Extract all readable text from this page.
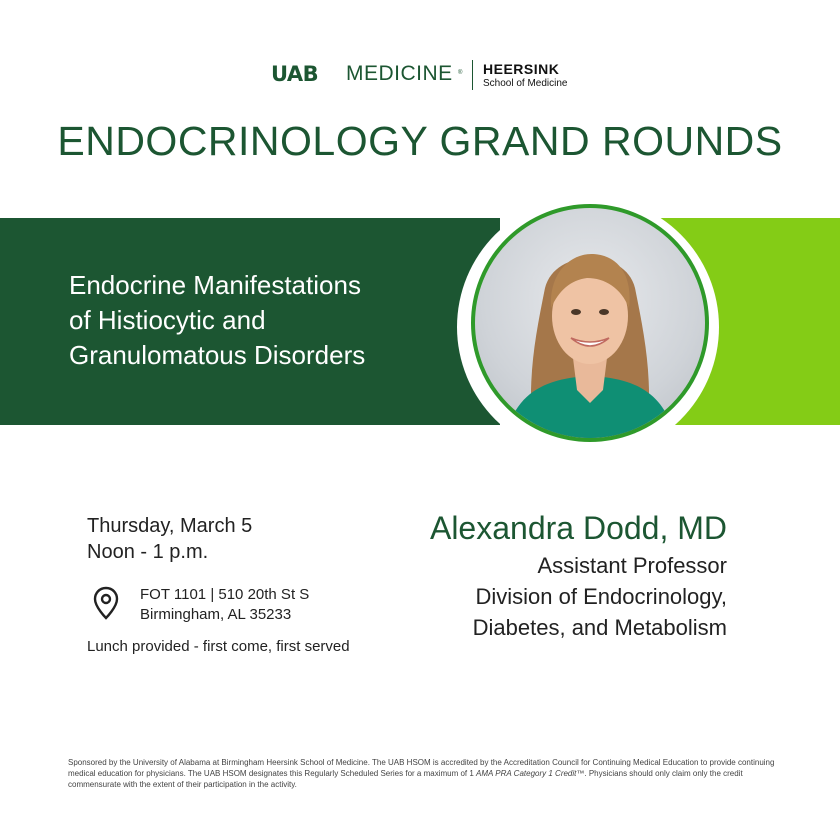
UAB MEDICINE ® HEERSINK
School of Medicine
ENDOCRINOLOGY GRAND ROUNDS
Endocrine Manifestations
of Histiocytic and
Granulomatous Disorders
Thursday, March 5
Noon - 1 p.m.
FOT 1101 | 510 20th St S
Birmingham, AL 35233
Lunch provided - first come, first served
Alexandra Dodd, MD
Assistant Professor
Division of Endocrinology,
Diabetes, and Metabolism
Sponsored by the University of Alabama at Birmingham Heersink School of Medicine. The UAB HSOM is accredited by the Accreditation Council for Continuing Medical Education to provide continuing medical education for physicians. The UAB HSOM designates this Regularly Scheduled Series for a maximum of 1 AMA PRA Category 1 Credit™. Physicians should only claim only the credit commensurate with the extent of their participation in the activity.
